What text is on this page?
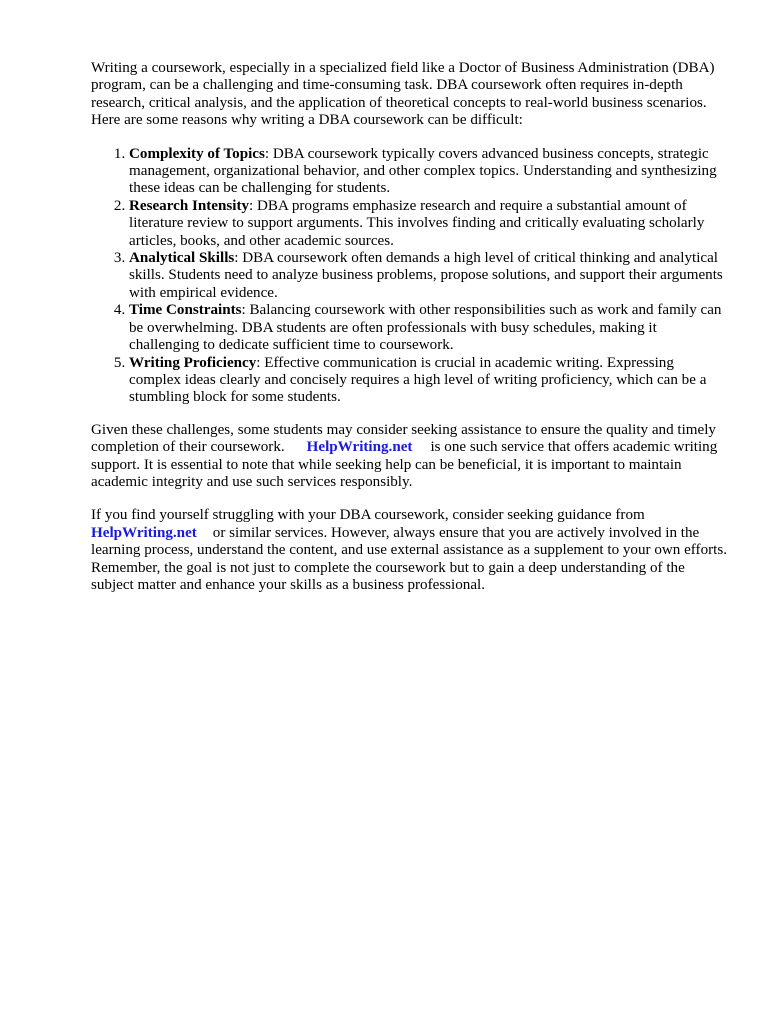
Writing a coursework, especially in a specialized field like a Doctor of Business Administration (DBA) program, can be a challenging and time-consuming task. DBA coursework often requires in-depth research, critical analysis, and the application of theoretical concepts to real-world business scenarios. Here are some reasons why writing a DBA coursework can be difficult:

1. Complexity of Topics: DBA coursework typically covers advanced business concepts, strategic management, organizational behavior, and other complex topics. Understanding and synthesizing these ideas can be challenging for students.
2. Research Intensity: DBA programs emphasize research and require a substantial amount of literature review to support arguments. This involves finding and critically evaluating scholarly articles, books, and other academic sources.
3. Analytical Skills: DBA coursework often demands a high level of critical thinking and analytical skills. Students need to analyze business problems, propose solutions, and support their arguments with empirical evidence.
4. Time Constraints: Balancing coursework with other responsibilities such as work and family can be overwhelming. DBA students are often professionals with busy schedules, making it challenging to dedicate sufficient time to coursework.
5. Writing Proficiency: Effective communication is crucial in academic writing. Expressing complex ideas clearly and concisely requires a high level of writing proficiency, which can be a stumbling block for some students.

Given these challenges, some students may consider seeking assistance to ensure the quality and timely completion of their coursework. HelpWriting.net is one such service that offers academic writing support. It is essential to note that while seeking help can be beneficial, it is important to maintain academic integrity and use such services responsibly.

If you find yourself struggling with your DBA coursework, consider seeking guidance from HelpWriting.net or similar services. However, always ensure that you are actively involved in the learning process, understand the content, and use external assistance as a supplement to your own efforts. Remember, the goal is not just to complete the coursework but to gain a deep understanding of the subject matter and enhance your skills as a business professional.
